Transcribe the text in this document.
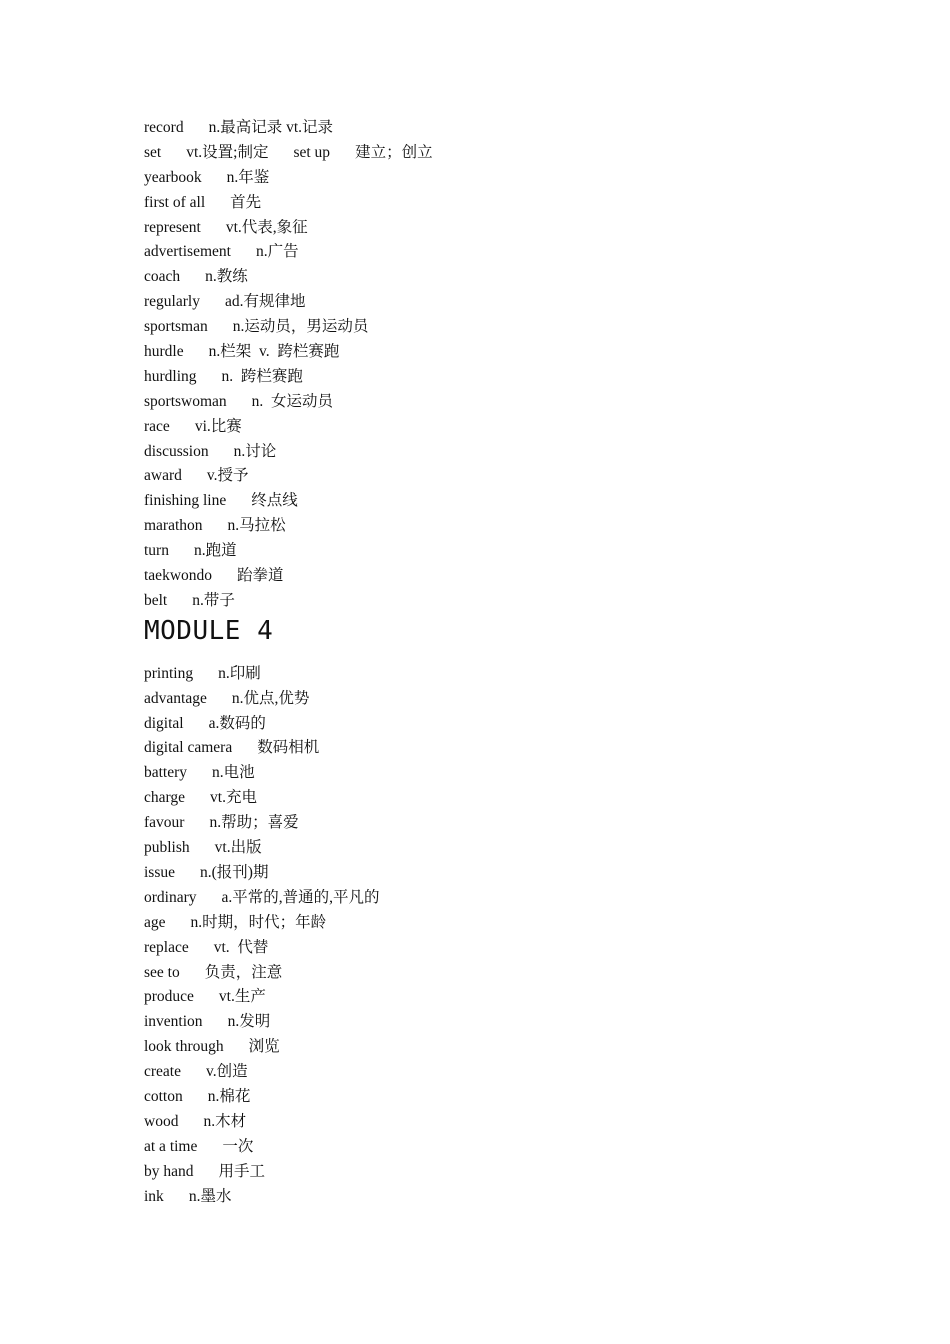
record n.最高记录 vt.记录
set vt.设置;制定 set up 建立；创立
yearbook n.年鉴
first of all 首先
represent vt.代表,象征
advertisement n.广告
coach n.教练
regularly ad.有规律地
sportsman n.运动员，男运动员
hurdle n.栏架  v.  跨栏赛跑
hurdling n.  跨栏赛跑
sportswoman n.  女运动员
race vi.比赛
discussion n.讨论
award v.授予
finishing line 终点线
marathon n.马拉松
turn n.跑道
taekwondo 跆拳道
belt n.带子
MODULE 4
printing n.印刷
advantage n.优点,优势
digital a.数码的
digital camera 数码相机
battery n.电池
charge vt.充电
favour n.帮助；喜爱
publish vt.出版
issue n.(报刊)期
ordinary a.平常的,普通的,平凡的
age n.时期，时代；年龄
replace vt.  代替
see to 负责，注意
produce vt.生产
invention n.发明
look through 浏览
create v.创造
cotton n.棉花
wood n.木材
at a time 一次
by hand 用手工
ink n.墨水
